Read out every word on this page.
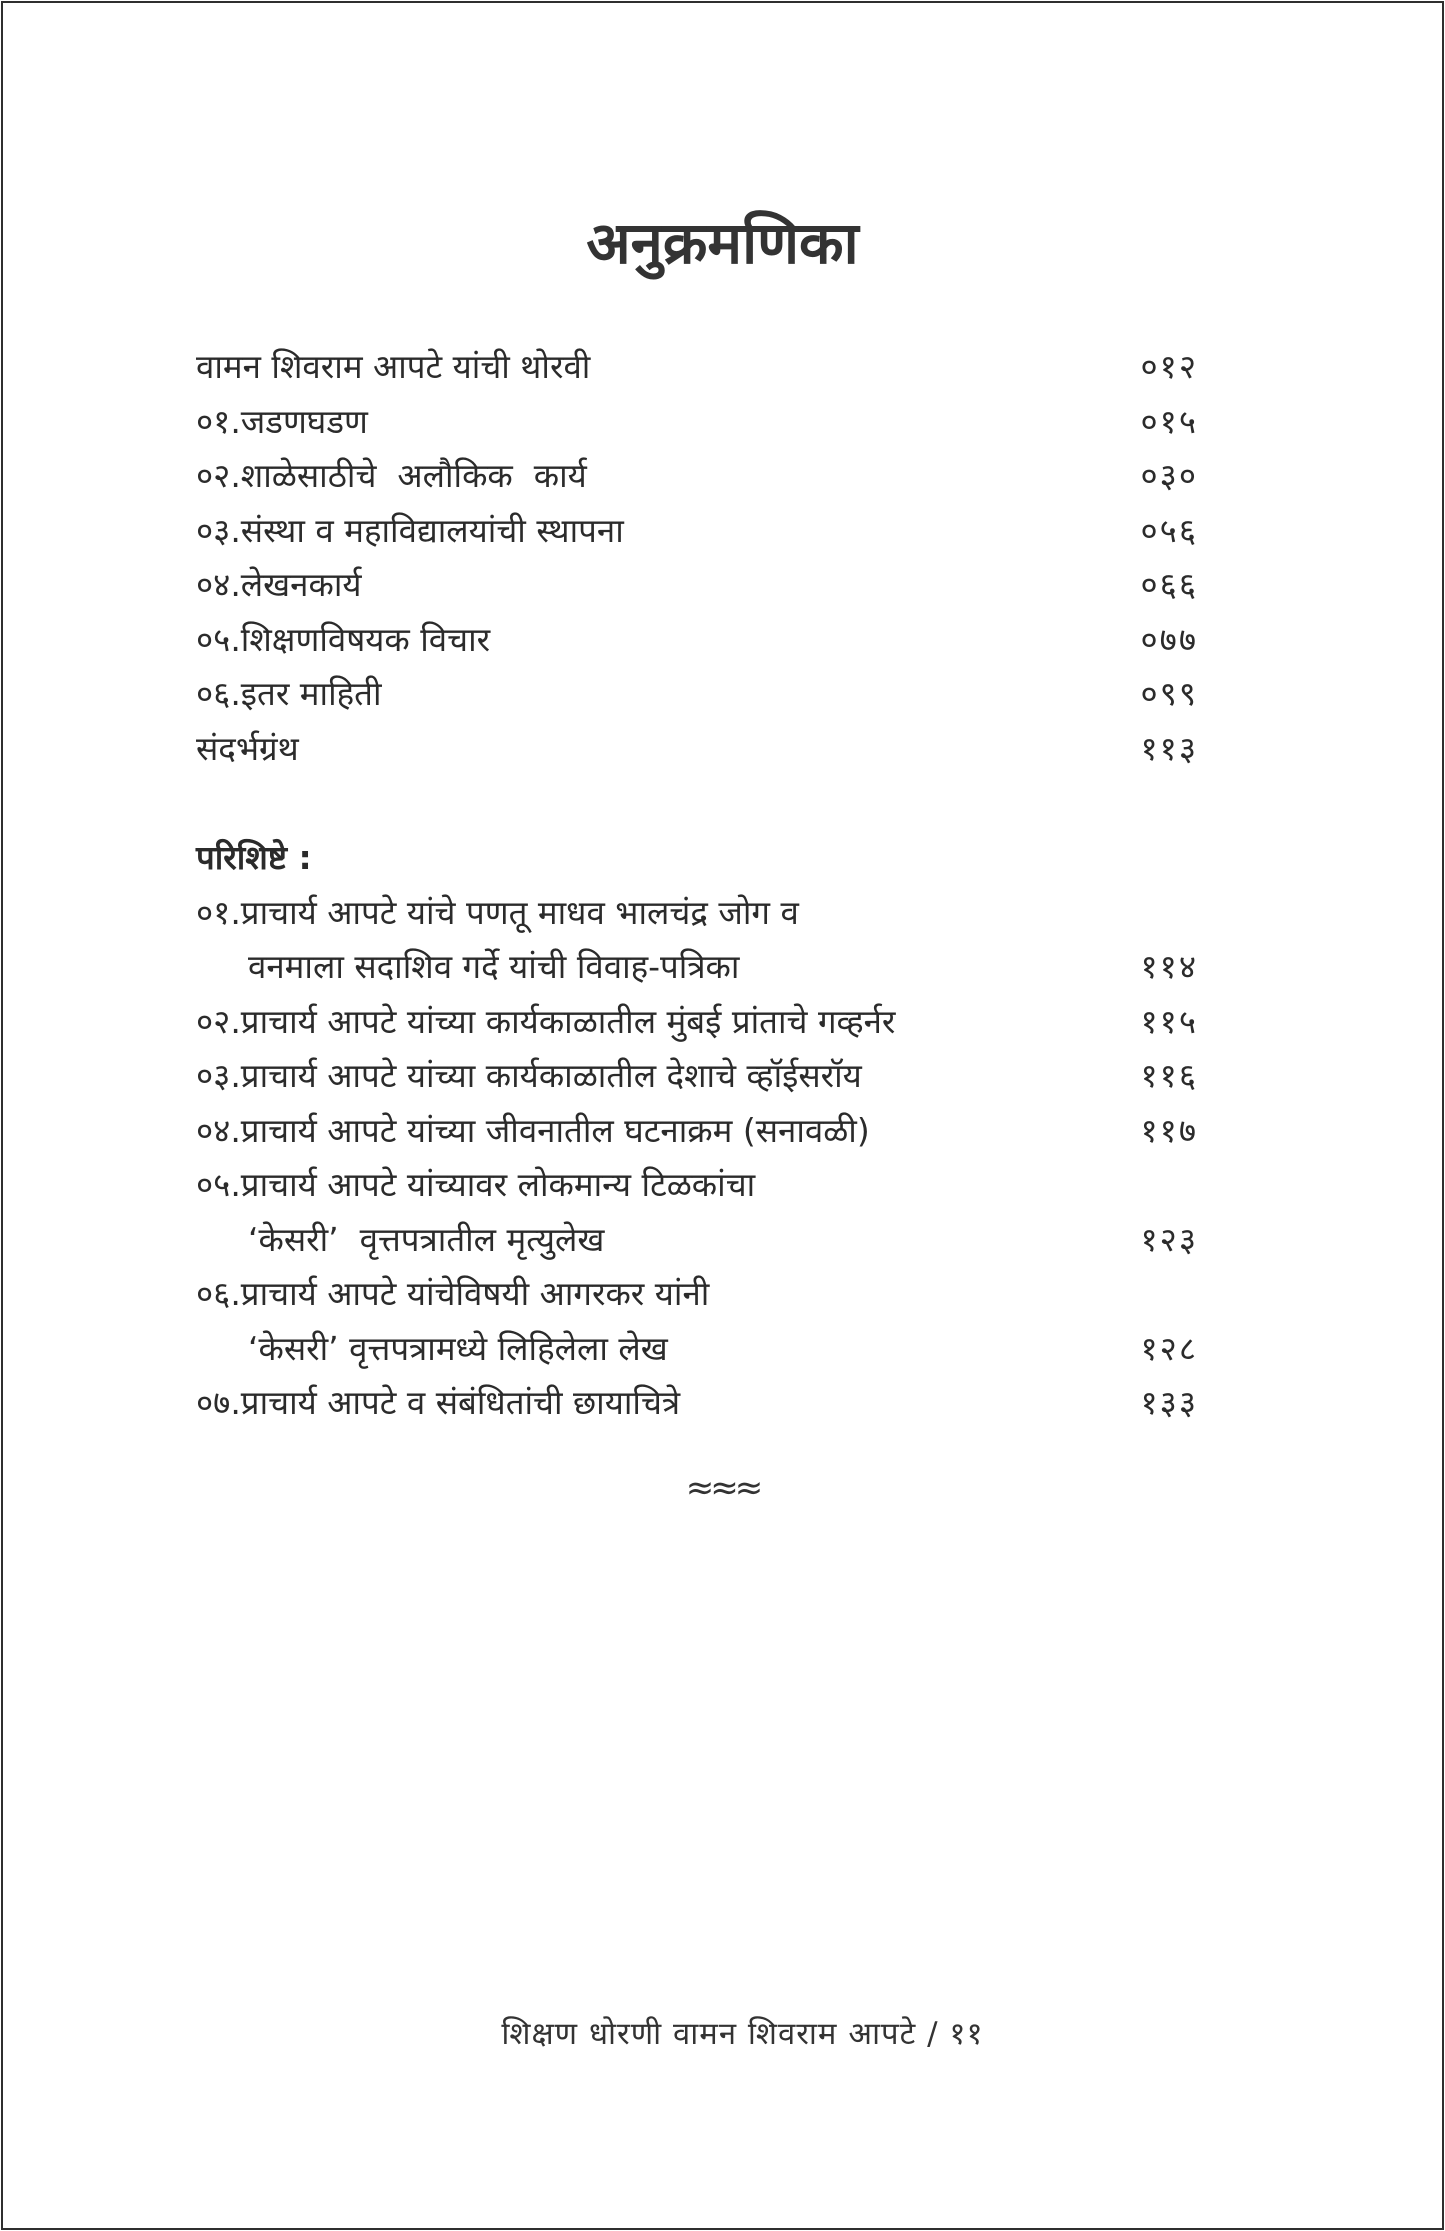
अनुक्रमणिका
वामन शिवराम आपटे यांची थोरवी	०१२
०१.जडणघडण	०१५
०२.शाळेसाठीचे  अलौकिक  कार्य	०३०
०३.संस्था व महाविद्यालयांची स्थापना	०५६
०४.लेखनकार्य	०६६
०५.शिक्षणविषयक विचार	०७७
०६.इतर माहिती	०९९
संदर्भग्रंथ	११३
परिशिष्टे :
०१.प्राचार्य आपटे यांचे पणतू माधव भालचंद्र जोग व
वनमाला सदाशिव गर्दे यांची विवाह-पत्रिका	११४
०२.प्राचार्य आपटे यांच्या कार्यकाळातील मुंबई प्रांताचे गव्हर्नर	११५
०३.प्राचार्य आपटे यांच्या कार्यकाळातील देशाचे व्हॉईसरॉय	११६
०४.प्राचार्य आपटे यांच्या जीवनातील घटनाक्रम (सनावळी)	११७
०५.प्राचार्य आपटे यांच्यावर लोकमान्य टिळकांचा
‘केसरी’  वृत्तपत्रातील मृत्युलेख	१२३
०६.प्राचार्य आपटे यांचेविषयी आगरकर यांनी
‘केसरी’ वृत्तपत्रामध्ये लिहिलेला लेख	१२८
०७.प्राचार्य आपटे व संबंधितांची छायाचित्रे	१३३
≈≈≈
शिक्षण धोरणी वामन शिवराम आपटे / ११
